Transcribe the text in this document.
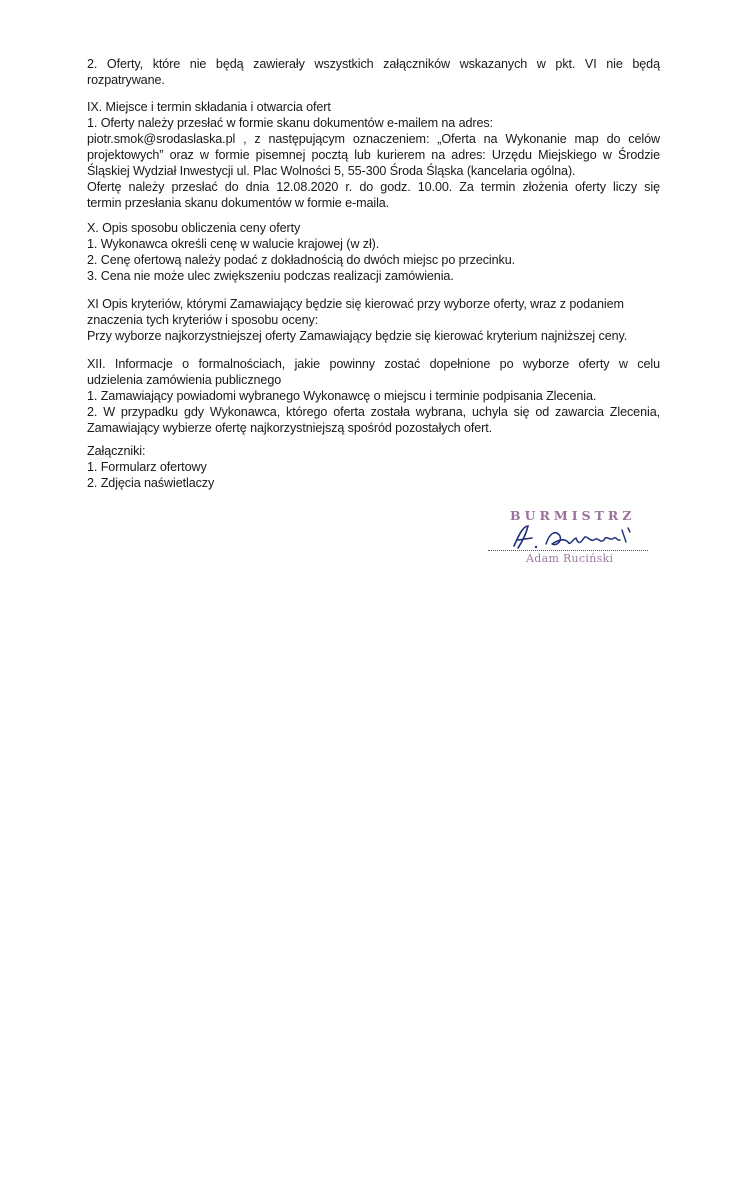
2. Oferty, które nie będą zawierały wszystkich załączników wskazanych w pkt. VI nie będą
rozpatrywane.
IX. Miejsce i termin składania i otwarcia ofert
1. Oferty należy przesłać w formie skanu dokumentów e-mailem na adres:
piotr.smok@srodaslaska.pl , z następującym oznaczeniem: „Oferta na Wykonanie map do celów
projektowych” oraz w formie pisemnej pocztą lub kurierem na adres: Urzędu Miejskiego w Środzie
Śląskiej Wydział Inwestycji ul. Plac Wolności 5, 55-300 Środa Śląska (kancelaria ogólna).
Ofertę należy przesłać do dnia 12.08.2020 r. do godz. 10.00. Za termin złożenia oferty liczy się
termin przesłania skanu dokumentów w formie e-maila.
X. Opis sposobu obliczenia ceny oferty
1. Wykonawca określi cenę w walucie krajowej (w zł).
2. Cenę ofertową należy podać z dokładnością do dwóch miejsc po przecinku.
3. Cena nie może ulec zwiększeniu podczas realizacji zamówienia.
XI Opis kryteriów, którymi Zamawiający będzie się kierować przy wyborze oferty, wraz z podaniem
znaczenia tych kryteriów i sposobu oceny:
Przy wyborze najkorzystniejszej oferty Zamawiający będzie się kierować kryterium najniższej ceny.
XII. Informacje o formalnościach, jakie powinny zostać dopełnione po wyborze oferty w celu
udzielenia zamówienia publicznego
1. Zamawiający powiadomi wybranego Wykonawcę o miejscu i terminie podpisania Zlecenia.
2. W przypadku gdy Wykonawca, którego oferta została wybrana, uchyla się od zawarcia Zlecenia,
Zamawiający wybierze ofertę najkorzystniejszą spośród pozostałych ofert.
Załączniki:
1. Formularz ofertowy
2. Zdjęcia naświetlaczy
BURMISTRZ
Adam Ruciński
